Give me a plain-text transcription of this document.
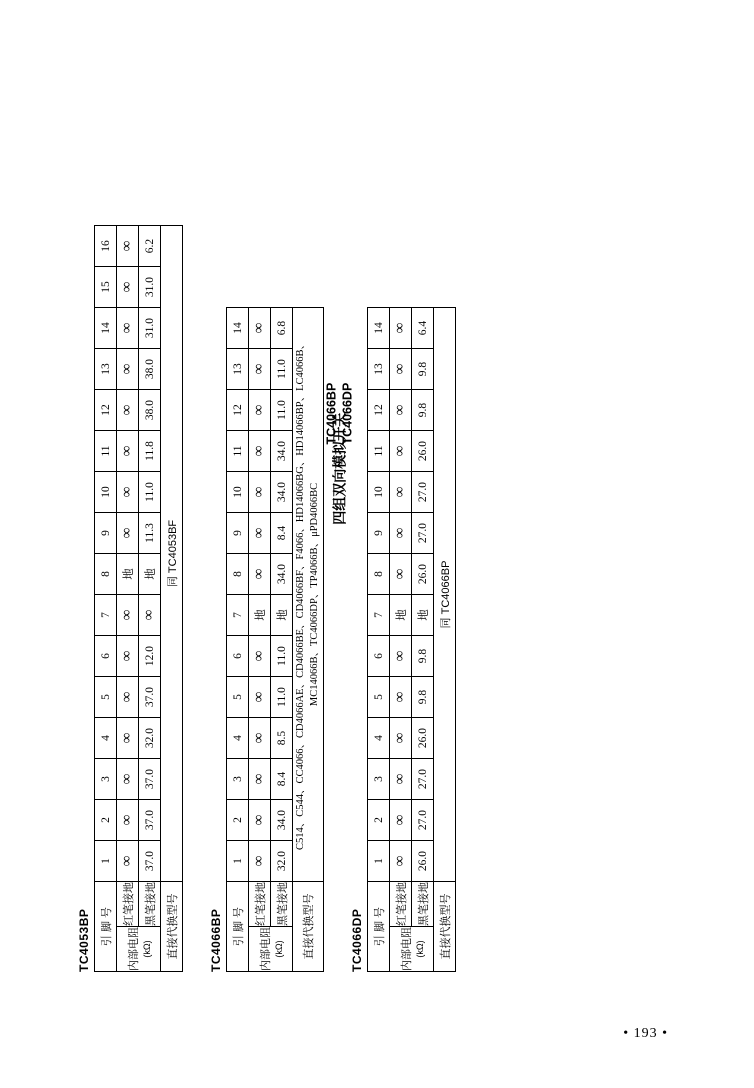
TC4053BP 引 脚 号		1	2	3	4	5	6	7	8	9	10	11	12	13	14	15	16
内部电阻 (kΩ)	红笔接地	∞	∞	∞	∞	∞	∞	∞	地	∞	∞	∞	∞	∞	∞	∞	∞
	黑笔接地	37.0	37.0	37.0	32.0	37.0	12.0	∞	地	11.3	11.0	11.8	38.0	38.0	31.0	31.0	6.2
直接代换型号		同 TC4053BF															
TC4066BP 引 脚 号		1	2	3	4	5	6	7	8	9	10	11	12	13	14
内部电阻 (kΩ)	红笔接地	∞	∞	∞	∞	∞	∞	地	∞	∞	∞	∞	∞	∞	∞
	黑笔接地	32.0	34.0	8.4	8.5	11.0	11.0	地	34.0	8.4	34.0	34.0	11.0	11.0	6.8
直接代换型号		C514、C544、CC4066、CD4066AE、CD4066BE、CD4066BF、F4066、HD14066BG、HD14066BP、LC4066B、 MC14066B、TC4066DP、TP4066B、μPD4066BC													
TC4066DP 引 脚 号		1	2	3	4	5	6	7	8	9	10	11	12	13	14
内部电阻 (kΩ)	红笔接地	∞	∞	∞	∞	∞	∞	地	∞	∞	∞	∞	∞	∞	∞
	黑笔接地	26.0	27.0	27.0	26.0	9.8	9.8	地	26.0	27.0	27.0	26.0	9.8	9.8	6.4
直接代换型号		同 TC4066BP													
TC4066BP TC4066DP
四组双向模拟开关
• 193 •
